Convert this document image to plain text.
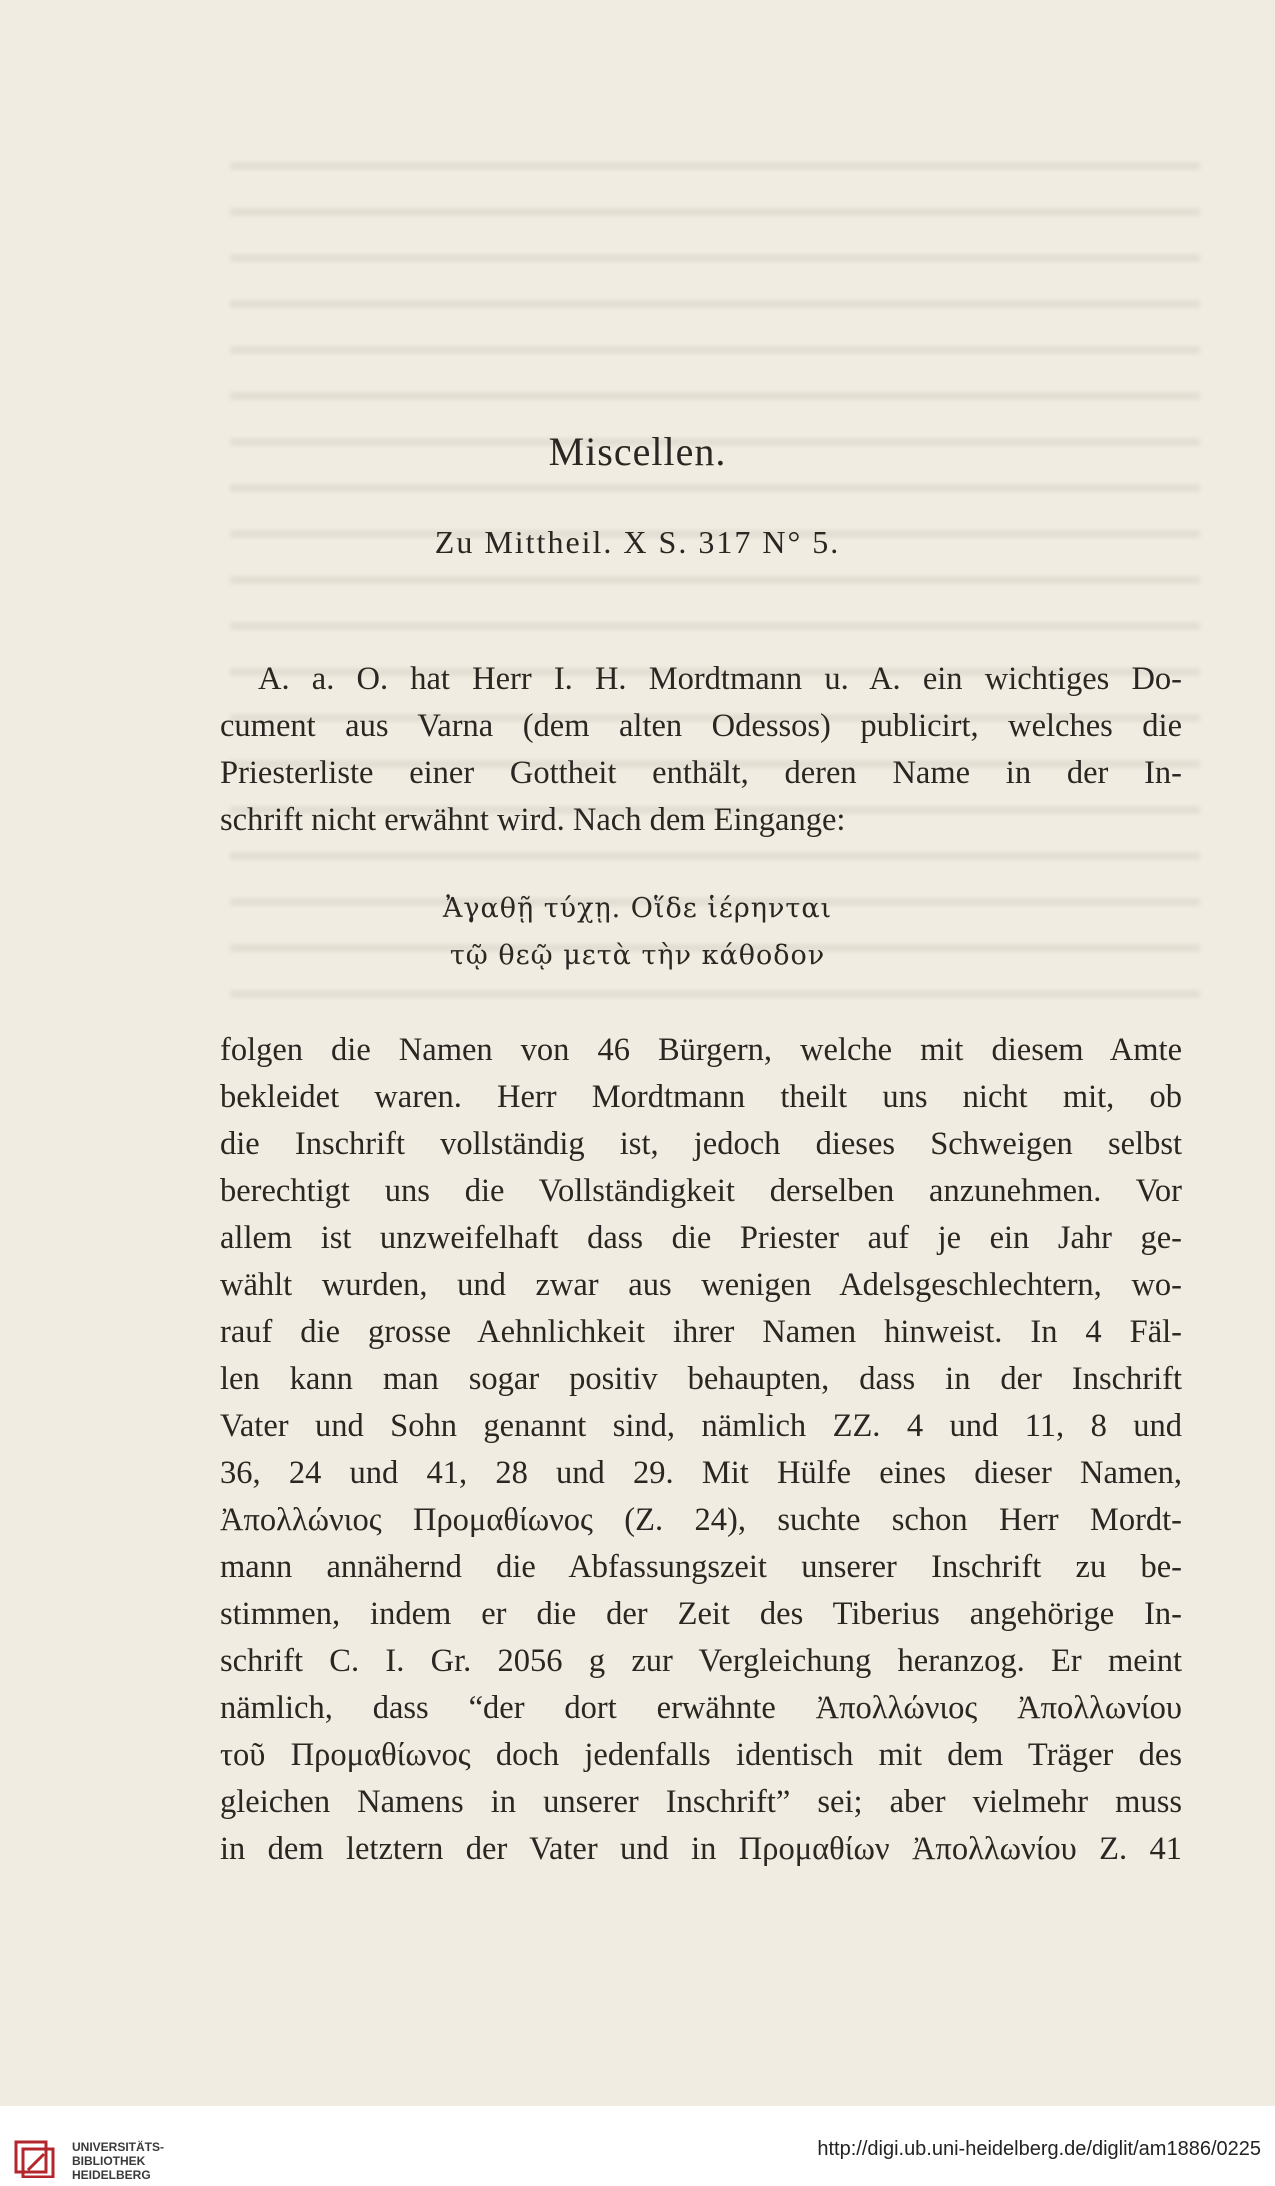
Miscellen.
Zu Mittheil. X S. 317 N° 5.
A. a. O. hat Herr I. H. Mordtmann u. A. ein wichtiges Do-
cument aus Varna (dem alten Odessos) publicirt, welches die
Priesterliste einer Gottheit enthält, deren Name in der In-
schrift nicht erwähnt wird. Nach dem Eingange:
Ἀγαθῇ τύχῃ. Οἵδε ἱέρηνται
τῷ θεῷ μετὰ τὴν κάθοδον
folgen die Namen von 46 Bürgern, welche mit diesem Amte
bekleidet waren. Herr Mordtmann theilt uns nicht mit, ob
die Inschrift vollständig ist, jedoch dieses Schweigen selbst
berechtigt uns die Vollständigkeit derselben anzunehmen. Vor
allem ist unzweifelhaft dass die Priester auf je ein Jahr ge-
wählt wurden, und zwar aus wenigen Adelsgeschlechtern, wo-
rauf die grosse Aehnlichkeit ihrer Namen hinweist. In 4 Fäl-
len kann man sogar positiv behaupten, dass in der Inschrift
Vater und Sohn genannt sind, nämlich ZZ. 4 und 11, 8 und
36, 24 und 41, 28 und 29. Mit Hülfe eines dieser Namen,
Ἀπολλώνιος Προμαθίωνος (Z. 24), suchte schon Herr Mordt-
mann annähernd die Abfassungszeit unserer Inschrift zu be-
stimmen, indem er die der Zeit des Tiberius angehörige In-
schrift C. I. Gr. 2056 g zur Vergleichung heranzog. Er meint
nämlich, dass “der dort erwähnte Ἀπολλώνιος Ἀπολλωνίου
τοῦ Προμαθίωνος doch jedenfalls identisch mit dem Träger des
gleichen Namens in unserer Inschrift” sei; aber vielmehr muss
in dem letztern der Vater und in Προμαθίων Ἀπολλωνίου Z. 41
UNIVERSITÄTS-
BIBLIOTHEK
HEIDELBERG
http://digi.ub.uni-heidelberg.de/diglit/am1886/0225
